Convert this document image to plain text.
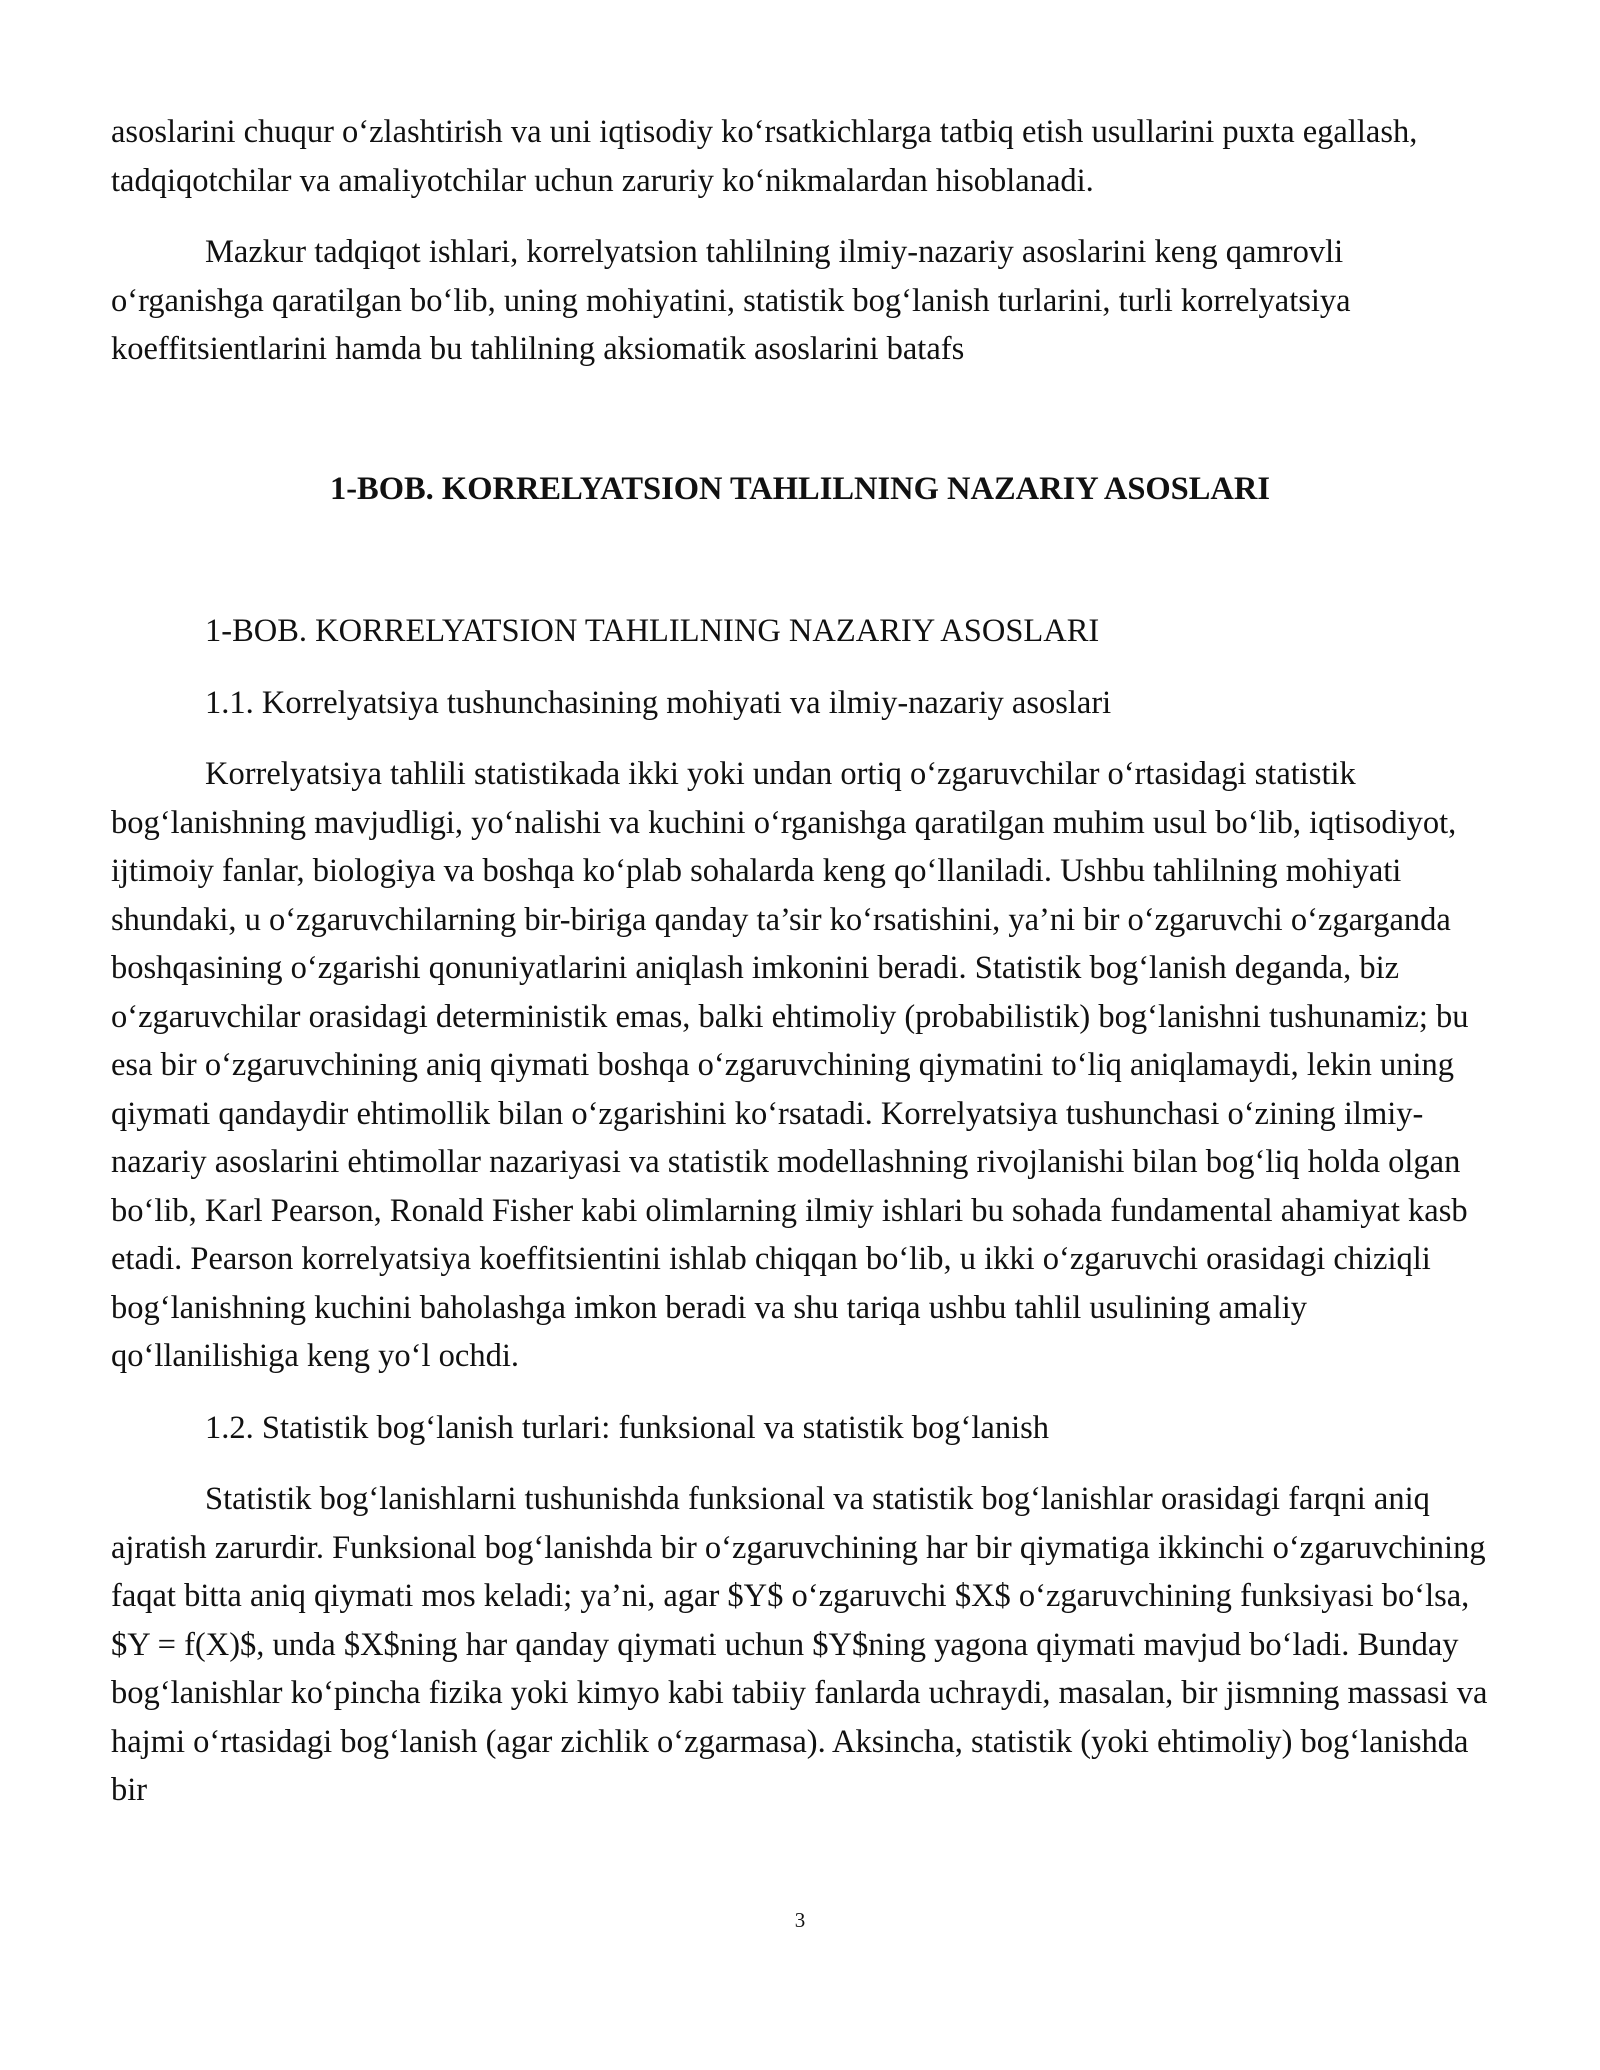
asoslarini chuqur o‘zlashtirish va uni iqtisodiy ko‘rsatkichlarga tatbiq etish usullarini puxta egallash, tadqiqotchilar va amaliyotchilar uchun zaruriy ko‘nikmalardan hisoblanadi.

Mazkur tadqiqot ishlari, korrelyatsion tahlilning ilmiy-nazariy asoslarini keng qamrovli o‘rganishga qaratilgan bo‘lib, uning mohiyatini, statistik bog‘lanish turlarini, turli korrelyatsiya koeffitsientlarini hamda bu tahlilning aksiomatik asoslarini batafs

1-BOB. KORRELYATSION TAHLILNING NAZARIY ASOSLARI

1-BOB. KORRELYATSION TAHLILNING NAZARIY ASOSLARI

1.1. Korrelyatsiya tushunchasining mohiyati va ilmiy-nazariy asoslari

Korrelyatsiya tahlili statistikada ikki yoki undan ortiq o‘zgaruvchilar o‘rtasidagi statistik bog‘lanishning mavjudligi, yo‘nalishi va kuchini o‘rganishga qaratilgan muhim usul bo‘lib, iqtisodiyot, ijtimoiy fanlar, biologiya va boshqa ko‘plab sohalarda keng qo‘llaniladi. Ushbu tahlilning mohiyati shundaki, u o‘zgaruvchilarning bir-biriga qanday ta’sir ko‘rsatishini, ya’ni bir o‘zgaruvchi o‘zgarganda boshqasining o‘zgarishi qonuniyatlarini aniqlash imkonini beradi. Statistik bog‘lanish deganda, biz o‘zgaruvchilar orasidagi deterministik emas, balki ehtimoliy (probabilistik) bog‘lanishni tushunamiz; bu esa bir o‘zgaruvchining aniq qiymati boshqa o‘zgaruvchining qiymatini to‘liq aniqlamaydi, lekin uning qiymati qandaydir ehtimollik bilan o‘zgarishini ko‘rsatadi. Korrelyatsiya tushunchasi o‘zining ilmiy-nazariy asoslarini ehtimollar nazariyasi va statistik modellashning rivojlanishi bilan bog‘liq holda olgan bo‘lib, Karl Pearson, Ronald Fisher kabi olimlarning ilmiy ishlari bu sohada fundamental ahamiyat kasb etadi. Pearson korrelyatsiya koeffitsientini ishlab chiqqan bo‘lib, u ikki o‘zgaruvchi orasidagi chiziqli bog‘lanishning kuchini baholashga imkon beradi va shu tariqa ushbu tahlil usulining amaliy qo‘llanilishiga keng yo‘l ochdi.

1.2. Statistik bog‘lanish turlari: funksional va statistik bog‘lanish

Statistik bog‘lanishlarni tushunishda funksional va statistik bog‘lanishlar orasidagi farqni aniq ajratish zarurdir. Funksional bog‘lanishda bir o‘zgaruvchining har bir qiymatiga ikkinchi o‘zgaruvchining faqat bitta aniq qiymati mos keladi; ya’ni, agar $Y$ o‘zgaruvchi $X$ o‘zgaruvchining funksiyasi bo‘lsa, $Y = f(X)$, unda $X$ning har qanday qiymati uchun $Y$ning yagona qiymati mavjud bo‘ladi. Bunday bog‘lanishlar ko‘pincha fizika yoki kimyo kabi tabiiy fanlarda uchraydi, masalan, bir jismning massasi va hajmi o‘rtasidagi bog‘lanish (agar zichlik o‘zgarmasa). Aksincha, statistik (yoki ehtimoliy) bog‘lanishda bir

3
